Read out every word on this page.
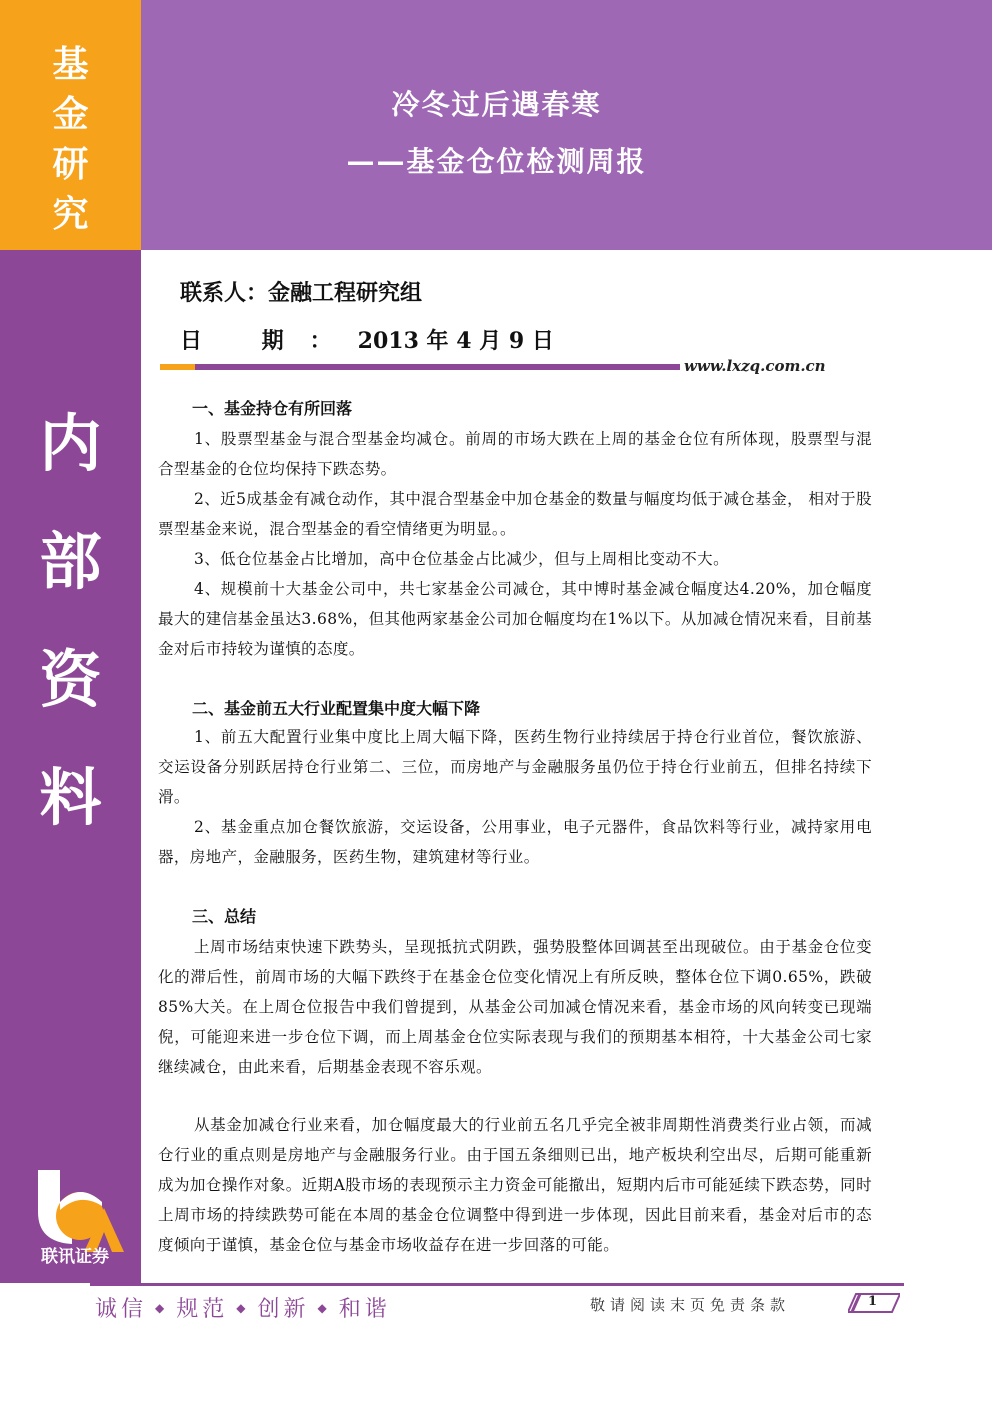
基
金
研
究
内
部
资
料
联讯证券
冷冬过后遇春寒
——基金仓位检测周报
联系人：金融工程研究组
日 期：2013 年 4 月 9 日
www.lxzq.com.cn
一、基金持仓有所回落
1、股票型基金与混合型基金均减仓。前周的市场大跌在上周的基金仓位有所体现，股票型与混合型基金的仓位均保持下跌态势。
2、近5成基金有减仓动作，其中混合型基金中加仓基金的数量与幅度均低于减仓基金， 相对于股票型基金来说，混合型基金的看空情绪更为明显。。
3、低仓位基金占比增加，高中仓位基金占比减少，但与上周相比变动不大。
4、规模前十大基金公司中，共七家基金公司减仓，其中博时基金减仓幅度达4.20%，加仓幅度最大的建信基金虽达3.68%，但其他两家基金公司加仓幅度均在1%以下。从加减仓情况来看，目前基金对后市持较为谨慎的态度。
二、基金前五大行业配置集中度大幅下降
1、前五大配置行业集中度比上周大幅下降，医药生物行业持续居于持仓行业首位，餐饮旅游、交运设备分别跃居持仓行业第二、三位，而房地产与金融服务虽仍位于持仓行业前五，但排名持续下滑。
2、基金重点加仓餐饮旅游，交运设备，公用事业，电子元器件，食品饮料等行业，减持家用电器，房地产，金融服务，医药生物，建筑建材等行业。
三、总结
上周市场结束快速下跌势头，呈现抵抗式阴跌，强势股整体回调甚至出现破位。由于基金仓位变化的滞后性，前周市场的大幅下跌终于在基金仓位变化情况上有所反映，整体仓位下调0.65%，跌破85%大关。在上周仓位报告中我们曾提到，从基金公司加减仓情况来看，基金市场的风向转变已现端倪，可能迎来进一步仓位下调，而上周基金仓位实际表现与我们的预期基本相符，十大基金公司七家继续减仓，由此来看，后期基金表现不容乐观。
从基金加减仓行业来看，加仓幅度最大的行业前五名几乎完全被非周期性消费类行业占领，而减仓行业的重点则是房地产与金融服务行业。由于国五条细则已出，地产板块利空出尽，后期可能重新成为加仓操作对象。近期A股市场的表现预示主力资金可能撤出，短期内后市可能延续下跌态势，同时上周市场的持续跌势可能在本周的基金仓位调整中得到进一步体现，因此目前来看，基金对后市的态度倾向于谨慎，基金仓位与基金市场收益存在进一步回落的可能。
诚信 ◆ 规范 ◆ 创新 ◆ 和谐	敬请阅读末页免责条款	1
